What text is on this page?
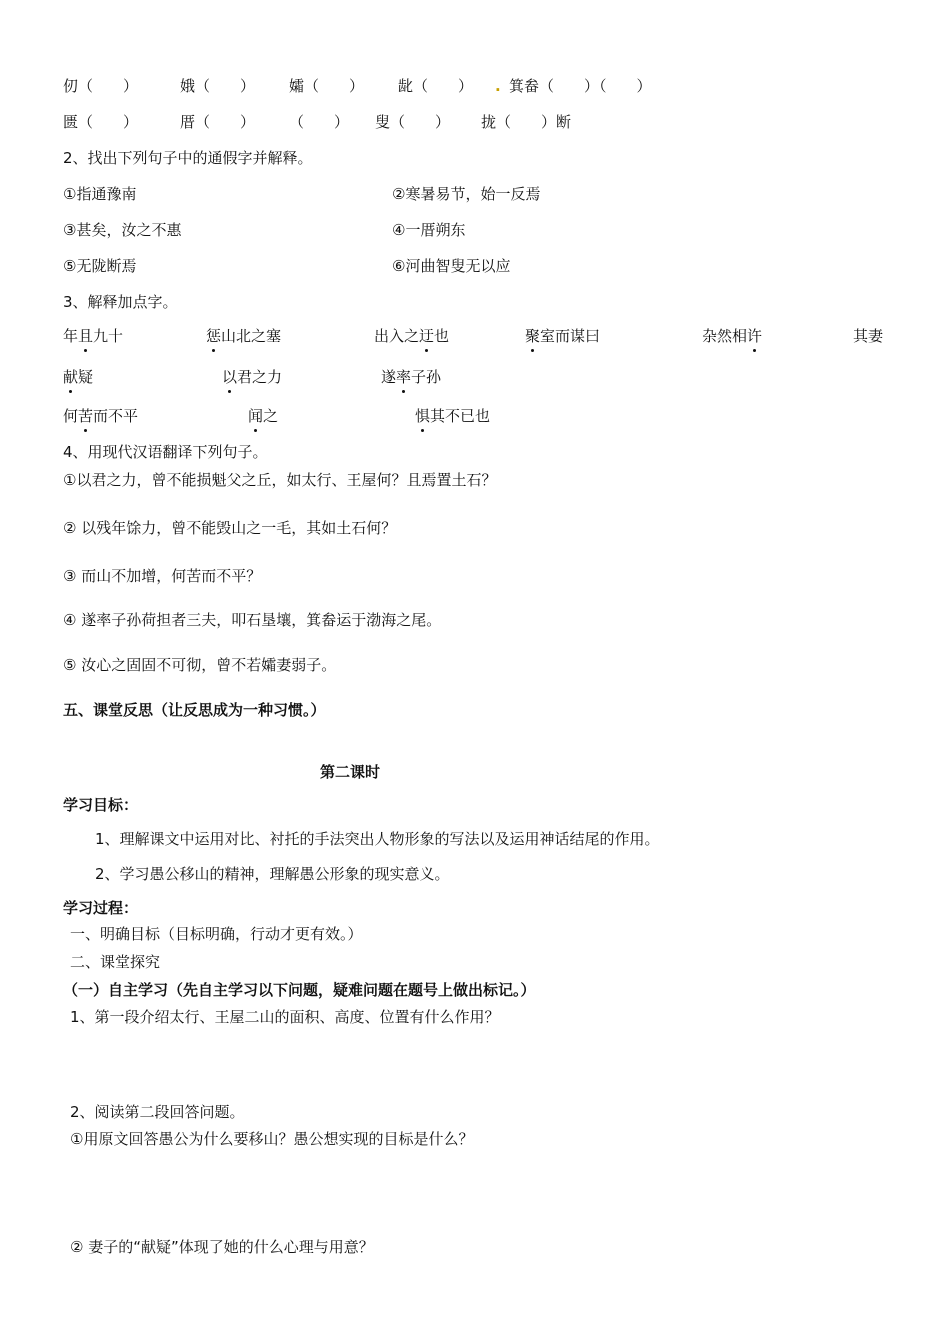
仞（　　）	娥（　　） 孀（　　） 龀（　　） . 箕畚（　　）（　　）
匮（　　）	厝（　　） （　　） 叟（　　） 拢（　　）断
2、找出下列句子中的通假字并解释。
①指通豫南	②寒暑易节，始一反焉
③甚矣，汝之不惠	④一厝朔东
⑤无陇断焉	⑥河曲智叟无以应
3、解释加点字。
年且九十	惩山北之塞	出入之迂也	聚室而谋曰	杂然相许	其妻
献疑	以君之力	遂率子孙
何苦而不平	闻之	惧其不已也
4、用现代汉语翻译下列句子。
①以君之力，曾不能损魁父之丘，如太行、王屋何？且焉置土石？
② 以残年馀力，曾不能毁山之一毛，其如土石何？
③ 而山不加增，何苦而不平？
④ 遂率子孙荷担者三夫，叩石垦壤，箕畚运于渤海之尾。
⑤ 汝心之固固不可彻，曾不若孀妻弱子。
五、课堂反思（让反思成为一种习惯。）
第二课时
学习目标：
1、理解课文中运用对比、衬托的手法突出人物形象的写法以及运用神话结尾的作用。
2、学习愚公移山的精神，理解愚公形象的现实意义。
学习过程：
一、明确目标（目标明确，行动才更有效。）
二、课堂探究
（一）自主学习（先自主学习以下问题，疑难问题在题号上做出标记。）
1、第一段介绍太行、王屋二山的面积、高度、位置有什么作用？
2、阅读第二段回答问题。
①用原文回答愚公为什么要移山？愚公想实现的目标是什么？
② 妻子的“献疑”体现了她的什么心理与用意？
